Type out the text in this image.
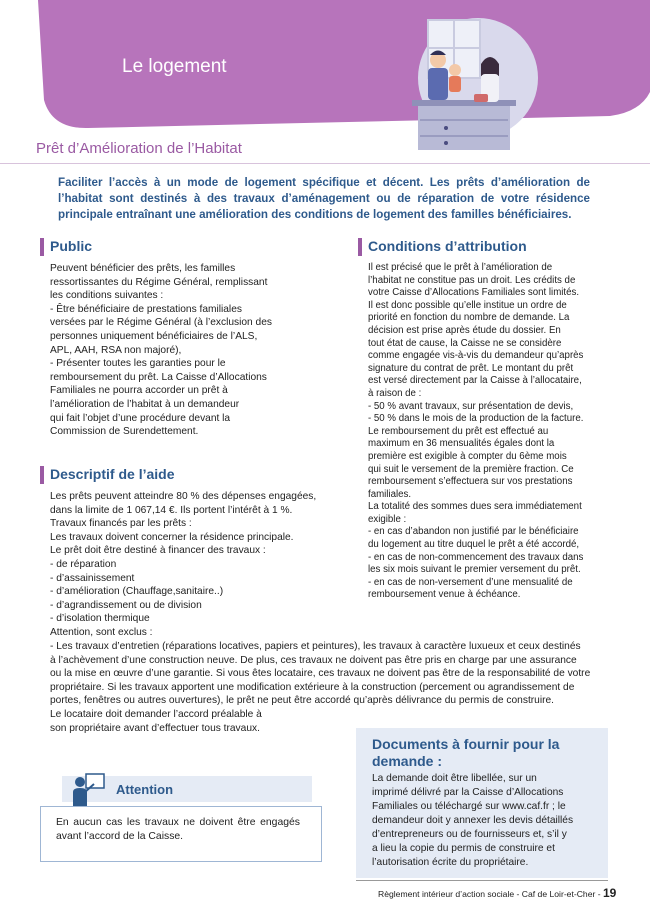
Le logement
Prêt d’Amélioration de l’Habitat
Faciliter l’accès à un mode de logement spécifique et décent. Les prêts d’amélioration de l’habitat sont destinés à des travaux d’aménagement ou de réparation de votre résidence principale entraînant une amélioration des conditions de logement des familles bénéficiaires.
Public

Peuvent bénéficier des prêts, les familles

ressortissantes du Régime Général, remplissant

les conditions suivantes :

- Être bénéficiaire de prestations familiales

versées par le Régime Général (à l’exclusion des

personnes uniquement bénéficiaires de l’ALS,

APL, AAH, RSA non majoré),

- Présenter toutes les garanties pour le

remboursement du prêt. La Caisse d’Allocations

Familiales ne pourra accorder un prêt à

l’amélioration de l’habitat à un demandeur

qui fait l’objet d’une procédure devant la

Commission de Surendettement.

Descriptif de l’aide

Les prêts peuvent atteindre 80 % des dépenses engagées,

dans la limite de 1 067,14 €. Ils portent l’intérêt à 1 %.

Travaux financés par les prêts :

Les travaux doivent concerner la résidence principale.

Le prêt doit être destiné à financer des travaux :

- de réparation

- d’assainissement

- d’amélioration (Chauffage,sanitaire..)

- d’agrandissement ou de division

- d’isolation thermique

Attention, sont exclus :

- Les travaux d’entretien (réparations locatives, papiers et peintures), les travaux à caractère luxueux et ceux destinés

à l’achèvement d’une construction neuve. De plus, ces travaux ne doivent pas être pris en charge par une assurance

ou la mise en œuvre d’une garantie. Si vous êtes locataire, ces travaux ne doivent pas être de la responsabilité de votre

propriétaire. Si les travaux apportent une modification extérieure à la construction (percement ou agrandissement de

portes, fenêtres ou autres ouvertures), le prêt ne peut être accordé qu’après délivrance du permis de construire.

Le locataire doit demander l’accord préalable à

son propriétaire avant d’effectuer tous travaux.

Conditions d’attribution

Il est précisé que le prêt à l’amélioration de

l’habitat ne constitue pas un droit. Les crédits de

votre Caisse d’Allocations Familiales sont limités.

Il est donc possible qu’elle institue un ordre de

priorité en fonction du nombre de demande. La

décision est prise après étude du dossier. En

tout état de cause, la Caisse ne se considère

comme engagée vis-à-vis du demandeur qu’après

signature du contrat de prêt. Le montant du prêt

est versé directement par la Caisse à l’allocataire,

à raison de :

- 50 % avant travaux, sur présentation de devis,

- 50 % dans le mois de la production de la facture.

Le remboursement du prêt est effectué au

maximum en 36 mensualités égales dont la

première est exigible à compter du 6ème mois

qui suit le versement de la première fraction. Ce

remboursement s’effectuera sur vos prestations

familiales.

La totalité des sommes dues sera immédiatement

exigible :

- en cas d’abandon non justifié par le bénéficiaire

du logement au titre duquel le prêt a été accordé,

- en cas de non-commencement des travaux dans

les six mois suivant le premier versement du prêt.

- en cas de non-versement d’une mensualité de

remboursement venue à échéance.

Documents à fournir pour la demande :

La demande doit être libellée, sur un

imprimé délivré par la Caisse d’Allocations

Familiales ou téléchargé sur www.caf.fr ; le

demandeur doit y annexer les devis détaillés

d’entrepreneurs ou de fournisseurs et, s’il y

a lieu la copie du permis de construire et

l’autorisation écrite du propriétaire.

Attention
En aucun cas les travaux ne doivent être engagés avant l’accord de la Caisse.
Règlement intérieur d’action sociale - Caf de Loir-et-Cher - 19
